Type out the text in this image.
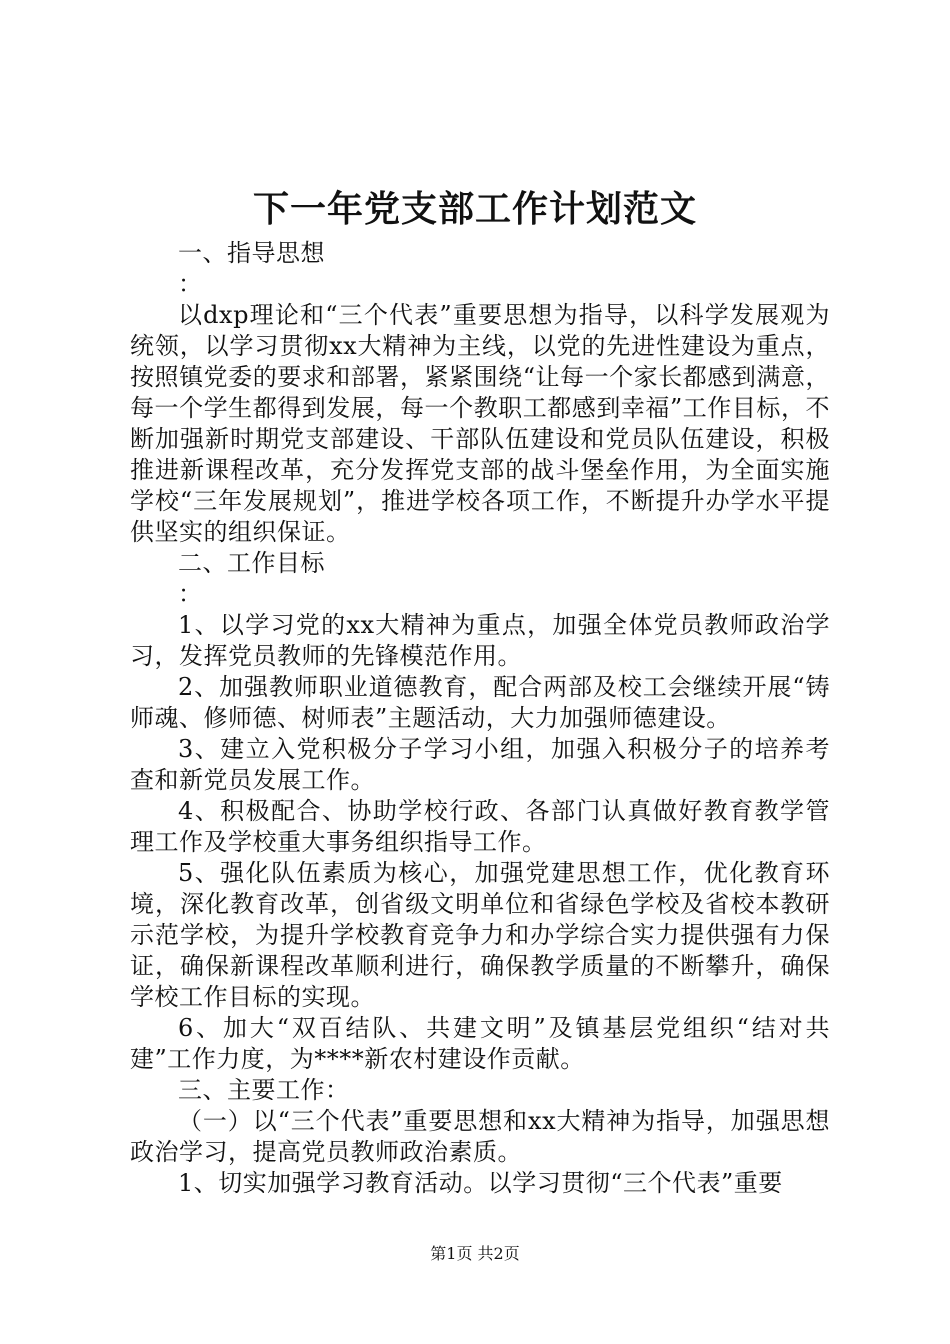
下一年党支部工作计划范文

一、指导思想

：

以dxp理论和“三个代表”重要思想为指导，以科学发展观为统领，以学习贯彻xx大精神为主线，以党的先进性建设为重点，按照镇党委的要求和部署，紧紧围绕“让每一个家长都感到满意，每一个学生都得到发展，每一个教职工都感到幸福”工作目标，不断加强新时期党支部建设、干部队伍建设和党员队伍建设，积极推进新课程改革，充分发挥党支部的战斗堡垒作用，为全面实施学校“三年发展规划”，推进学校各项工作，不断提升办学水平提供坚实的组织保证。

二、工作目标

：

1、以学习党的xx大精神为重点，加强全体党员教师政治学习，发挥党员教师的先锋模范作用。

2、加强教师职业道德教育，配合两部及校工会继续开展“铸师魂、修师德、树师表”主题活动，大力加强师德建设。

3、建立入党积极分子学习小组，加强入积极分子的培养考查和新党员发展工作。

4、积极配合、协助学校行政、各部门认真做好教育教学管理工作及学校重大事务组织指导工作。

5、强化队伍素质为核心，加强党建思想工作，优化教育环境，深化教育改革，创省级文明单位和省绿色学校及省校本教研示范学校，为提升学校教育竞争力和办学综合实力提供强有力保证，确保新课程改革顺利进行，确保教学质量的不断攀升，确保学校工作目标的实现。

6、加大“双百结队、共建文明”及镇基层党组织“结对共建”工作力度，为****新农村建设作贡献。

三、主要工作：

（一）以“三个代表”重要思想和xx大精神为指导，加强思想政治学习，提高党员教师政治素质。

1、切实加强学习教育活动。以学习贯彻“三个代表”重要

第1页 共2页
